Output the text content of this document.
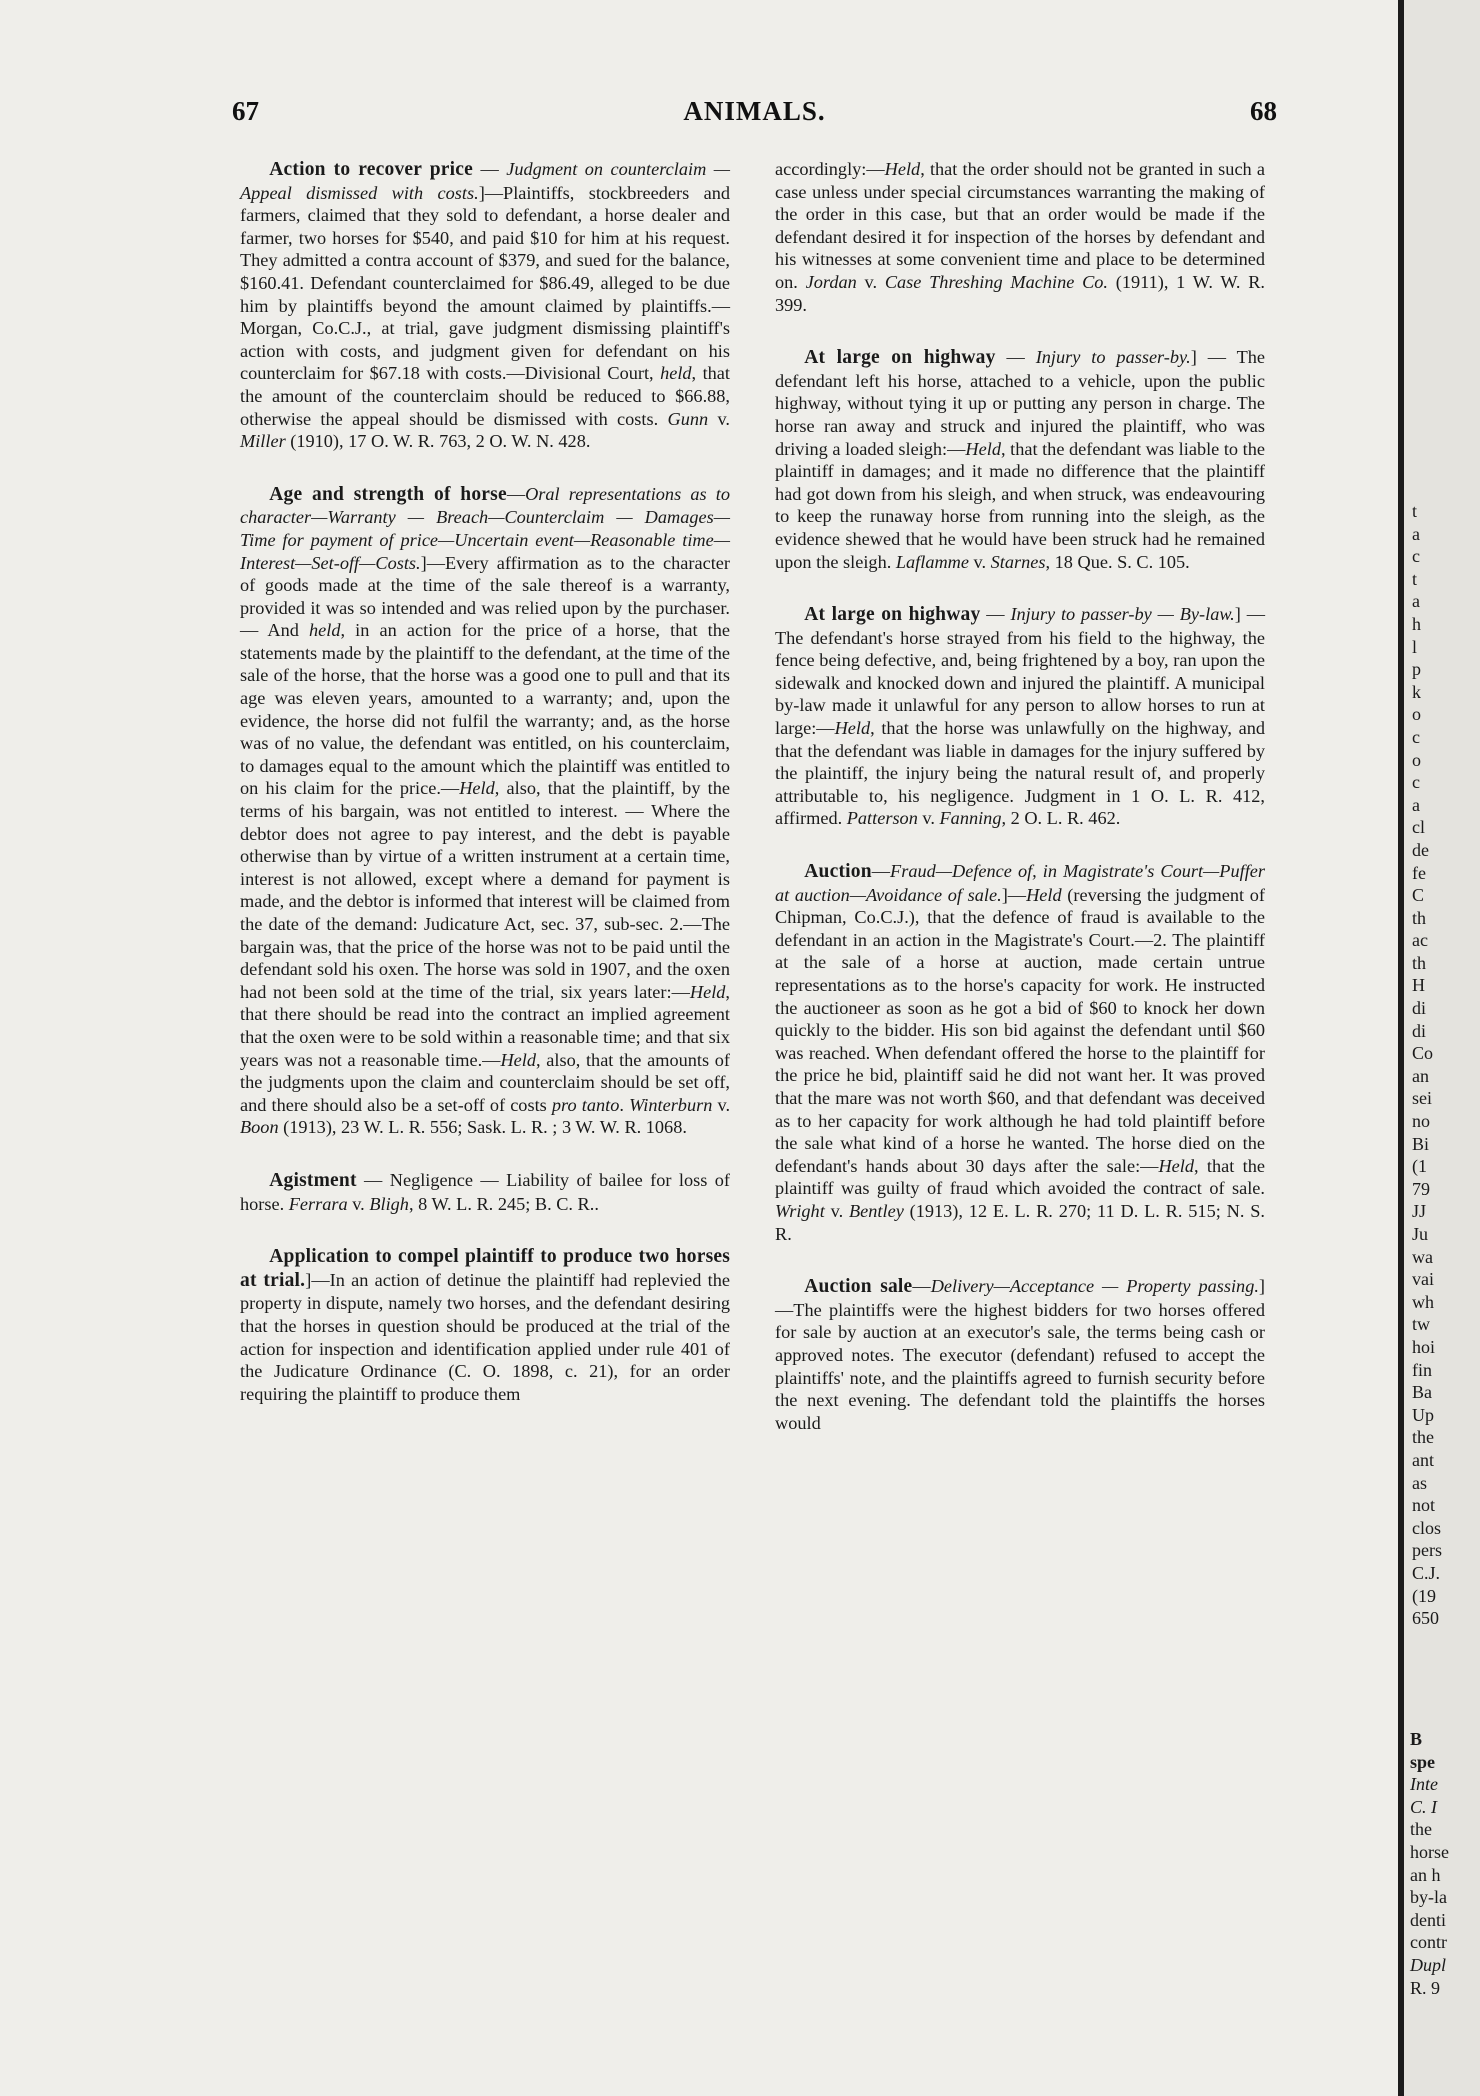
67	ANIMALS.	68

Action to recover price — Judgment on counterclaim — Appeal dismissed with costs.]—Plaintiffs, stockbreeders and farmers, claimed that they sold to defendant, a horse dealer and farmer, two horses for $540, and paid $10 for him at his request. They admitted a contra account of $379, and sued for the balance, $160.41. Defendant counterclaimed for $86.49, alleged to be due him by plaintiffs beyond the amount claimed by plaintiffs.—Morgan, Co.C.J., at trial, gave judgment dismissing plaintiff's action with costs, and judgment given for defendant on his counterclaim for $67.18 with costs.—Divisional Court, held, that the amount of the counterclaim should be reduced to $66.88, otherwise the appeal should be dismissed with costs. Gunn v. Miller (1910), 17 O. W. R. 763, 2 O. W. N. 428.

Age and strength of horse—Oral representations as to character—Warranty — Breach—Counterclaim — Damages—Time for payment of price—Uncertain event—Reasonable time—Interest—Set-off—Costs.]—Every affirmation as to the character of goods made at the time of the sale thereof is a warranty, provided it was so intended and was relied upon by the purchaser. — And held, in an action for the price of a horse, that the statements made by the plaintiff to the defendant, at the time of the sale of the horse, that the horse was a good one to pull and that its age was eleven years, amounted to a warranty; and, upon the evidence, the horse did not fulfil the warranty; and, as the horse was of no value, the defendant was entitled, on his counterclaim, to damages equal to the amount which the plaintiff was entitled to on his claim for the price.—Held, also, that the plaintiff, by the terms of his bargain, was not entitled to interest. — Where the debtor does not agree to pay interest, and the debt is payable otherwise than by virtue of a written instrument at a certain time, interest is not allowed, except where a demand for payment is made, and the debtor is informed that interest will be claimed from the date of the demand: Judicature Act, sec. 37, sub-sec. 2.—The bargain was, that the price of the horse was not to be paid until the defendant sold his oxen. The horse was sold in 1907, and the oxen had not been sold at the time of the trial, six years later:—Held, that there should be read into the contract an implied agreement that the oxen were to be sold within a reasonable time; and that six years was not a reasonable time.—Held, also, that the amounts of the judgments upon the claim and counterclaim should be set off, and there should also be a set-off of costs pro tanto. Winterburn v. Boon (1913), 23 W. L. R. 556; Sask. L. R. ; 3 W. W. R. 1068.

Agistment — Negligence — Liability of bailee for loss of horse. Ferrara v. Bligh, 8 W. L. R. 245; B. C. R..

Application to compel plaintiff to produce two horses at trial.]—In an action of detinue the plaintiff had replevied the property in dispute, namely two horses, and the defendant desiring that the horses in question should be produced at the trial of the action for inspection and identification applied under rule 401 of the Judicature Ordinance (C. O. 1898, c. 21), for an order requiring the plaintiff to produce them

accordingly:—Held, that the order should not be granted in such a case unless under special circumstances warranting the making of the order in this case, but that an order would be made if the defendant desired it for inspection of the horses by defendant and his witnesses at some convenient time and place to be determined on. Jordan v. Case Threshing Machine Co. (1911), 1 W. W. R. 399.

At large on highway — Injury to passer-by.] — The defendant left his horse, attached to a vehicle, upon the public highway, without tying it up or putting any person in charge. The horse ran away and struck and injured the plaintiff, who was driving a loaded sleigh:—Held, that the defendant was liable to the plaintiff in damages; and it made no difference that the plaintiff had got down from his sleigh, and when struck, was endeavouring to keep the runaway horse from running into the sleigh, as the evidence shewed that he would have been struck had he remained upon the sleigh. Laflamme v. Starnes, 18 Que. S. C. 105.

At large on highway — Injury to passer-by — By-law.] — The defendant's horse strayed from his field to the highway, the fence being defective, and, being frightened by a boy, ran upon the sidewalk and knocked down and injured the plaintiff. A municipal by-law made it unlawful for any person to allow horses to run at large:—Held, that the horse was unlawfully on the highway, and that the defendant was liable in damages for the injury suffered by the plaintiff, the injury being the natural result of, and properly attributable to, his negligence. Judgment in 1 O. L. R. 412, affirmed. Patterson v. Fanning, 2 O. L. R. 462.

Auction—Fraud—Defence of, in Magistrate's Court—Puffer at auction—Avoidance of sale.]—Held (reversing the judgment of Chipman, Co.C.J.), that the defence of fraud is available to the defendant in an action in the Magistrate's Court.—2. The plaintiff at the sale of a horse at auction, made certain untrue representations as to the horse's capacity for work. He instructed the auctioneer as soon as he got a bid of $60 to knock her down quickly to the bidder. His son bid against the defendant until $60 was reached. When defendant offered the horse to the plaintiff for the price he bid, plaintiff said he did not want her. It was proved that the mare was not worth $60, and that defendant was deceived as to her capacity for work although he had told plaintiff before the sale what kind of a horse he wanted. The horse died on the defendant's hands about 30 days after the sale:—Held, that the plaintiff was guilty of fraud which avoided the contract of sale. Wright v. Bentley (1913), 12 E. L. R. 270; 11 D. L. R. 515; N. S. R.

Auction sale—Delivery—Acceptance — Property passing.]—The plaintiffs were the highest bidders for two horses offered for sale by auction at an executor's sale, the terms being cash or approved notes. The executor (defendant) refused to accept the plaintiffs' note, and the plaintiffs agreed to furnish security before the next evening. The defendant told the plaintiffs the horses would

t
a
c
t
a
h
l
p
k
o
c
o
c
a
cl
de
fe
C
th
ac
th
H
di
di
Co
an
sei
no
Bi
(1
79
JJ
Ju
wa
vai
wh
tw
hoi
fin
Ba
Up
the
ant
as
not
clos
pers
C.J.
(19
650
B
spe
Inte
C. I
the
horse
an h
by-la
denti
contr
Dupl
R. 9
